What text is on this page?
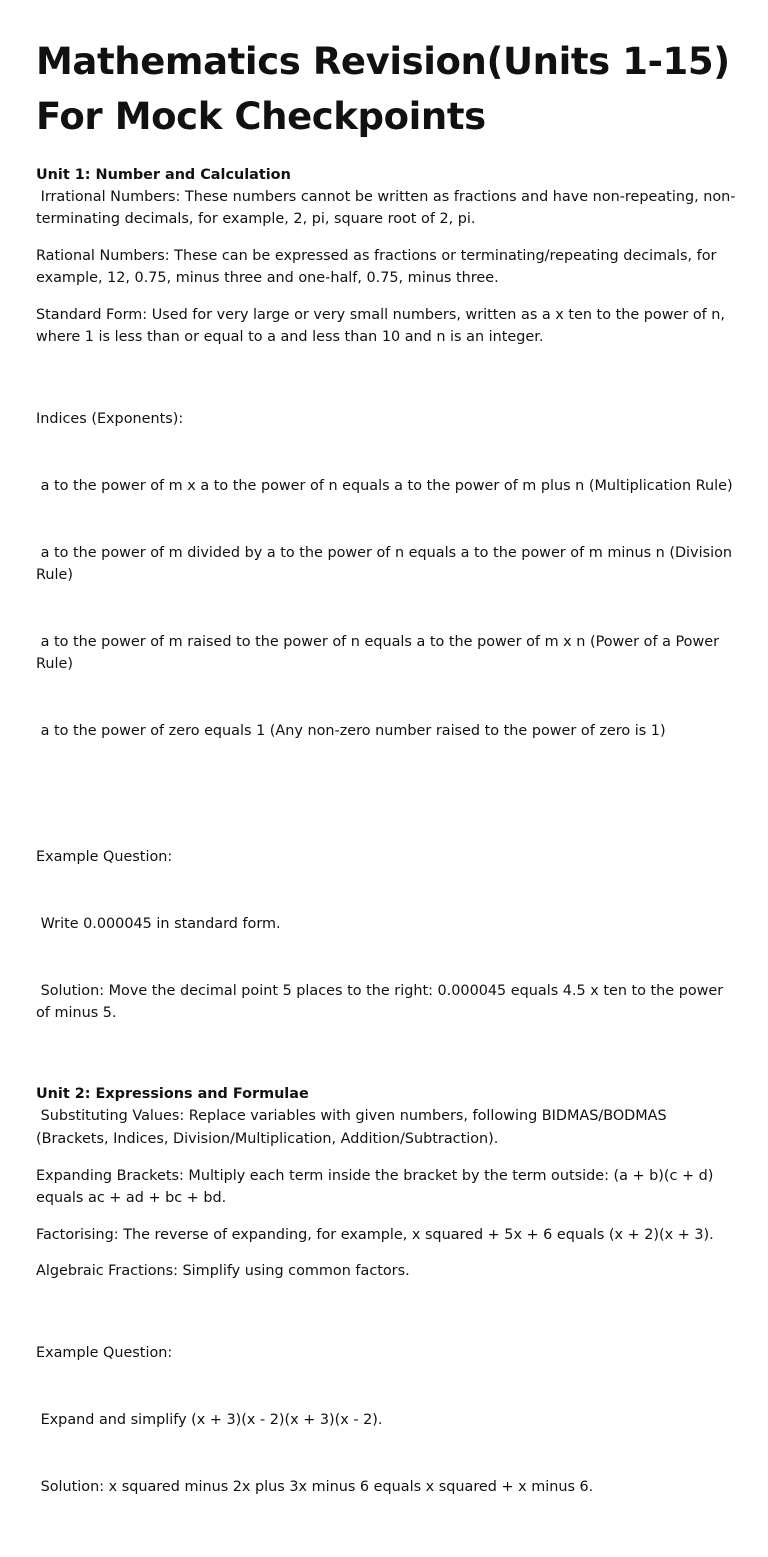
Mathematics Revision(Units 1-15) For Mock Checkpoints
Unit 1: Number and Calculation

Irrational Numbers: These numbers cannot be written as fractions and have non-repeating, non-terminating decimals, for example, 2, pi, square root of 2, pi.

Rational Numbers: These can be expressed as fractions or terminating/repeating decimals, for example, 12, 0.75, minus three and one-half, 0.75, minus three.

Standard Form: Used for very large or very small numbers, written as a x ten to the power of n, where 1 is less than or equal to a and less than 10 and n is an integer.

Indices (Exponents):

a to the power of m x a to the power of n equals a to the power of m plus n (Multiplication Rule)

a to the power of m divided by a to the power of n equals a to the power of m minus n (Division Rule)

a to the power of m raised to the power of n equals a to the power of m x n (Power of a Power Rule)

a to the power of zero equals 1 (Any non-zero number raised to the power of zero is 1)

Example Question:

Write 0.000045 in standard form.

Solution: Move the decimal point 5 places to the right: 0.000045 equals 4.5 x ten to the power of minus 5.

Unit 2: Expressions and Formulae

Substituting Values: Replace variables with given numbers, following BIDMAS/BODMAS (Brackets, Indices, Division/Multiplication, Addition/Subtraction).

Expanding Brackets: Multiply each term inside the bracket by the term outside: (a + b)(c + d) equals ac + ad + bc + bd.

Factorising: The reverse of expanding, for example, x squared + 5x + 6 equals (x + 2)(x + 3).

Algebraic Fractions: Simplify using common factors.

Example Question:

Expand and simplify (x + 3)(x - 2)(x + 3)(x - 2).

Solution: x squared minus 2x plus 3x minus 6 equals x squared + x minus 6.
